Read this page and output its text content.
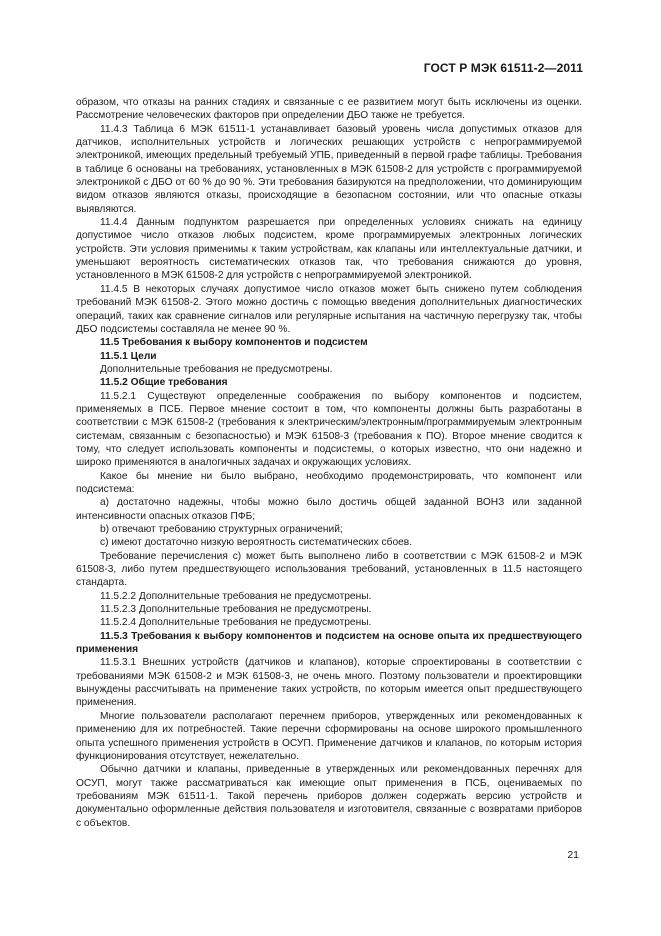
ГОСТ Р МЭК 61511-2—2011

образом, что отказы на ранних стадиях и связанные с ее развитием могут быть исключены из оценки. Рассмотрение человеческих факторов при определении ДБО также не требуется.

11.4.3 Таблица 6 МЭК 61511-1 устанавливает базовый уровень числа допустимых отказов для датчиков, исполнительных устройств и логических решающих устройств с непрограммируемой электроникой, имеющих предельный требуемый УПБ, приведенный в первой графе таблицы. Требования в таблице 6 основаны на требованиях, установленных в МЭК 61508-2 для устройств с программируемой электроникой с ДБО от 60 % до 90 %. Эти требования базируются на предположении, что доминирующим видом отказов являются отказы, происходящие в безопасном состоянии, или что опасные отказы выявляются.

11.4.4 Данным подпунктом разрешается при определенных условиях снижать на единицу допустимое число отказов любых подсистем, кроме программируемых электронных логических устройств. Эти условия применимы к таким устройствам, как клапаны или интеллектуальные датчики, и уменьшают вероятность систематических отказов так, что требования снижаются до уровня, установленного в МЭК 61508-2 для устройств с непрограммируемой электроникой.

11.4.5 В некоторых случаях допустимое число отказов может быть снижено путем соблюдения требований МЭК 61508-2. Этого можно достичь с помощью введения дополнительных диагностических операций, таких как сравнение сигналов или регулярные испытания на частичную перегрузку так, чтобы ДБО подсистемы составляла не менее 90 %.

11.5 Требования к выбору компонентов и подсистем

11.5.1 Цели

Дополнительные требования не предусмотрены.

11.5.2 Общие требования

11.5.2.1 Существуют определенные соображения по выбору компонентов и подсистем, применяемых в ПСБ. Первое мнение состоит в том, что компоненты должны быть разработаны в соответствии с МЭК 61508-2 (требования к электрическим/электронным/программируемым электронным системам, связанным с безопасностью) и МЭК 61508-3 (требования к ПО). Второе мнение сводится к тому, что следует использовать компоненты и подсистемы, о которых известно, что они надежно и широко применяются в аналогичных задачах и окружающих условиях.

Какое бы мнение ни было выбрано, необходимо продемонстрировать, что компонент или подсистема:

a) достаточно надежны, чтобы можно было достичь общей заданной ВОНЗ или заданной интенсивности опасных отказов ПФБ;

b) отвечают требованию структурных ограничений;

c) имеют достаточно низкую вероятность систематических сбоев.

Требование перечисления c) может быть выполнено либо в соответствии с МЭК 61508-2 и МЭК 61508-3, либо путем предшествующего использования требований, установленных в 11.5 настоящего стандарта.

11.5.2.2 Дополнительные требования не предусмотрены.

11.5.2.3 Дополнительные требования не предусмотрены.

11.5.2.4 Дополнительные требования не предусмотрены.

11.5.3 Требования к выбору компонентов и подсистем на основе опыта их предшествующего применения

11.5.3.1 Внешних устройств (датчиков и клапанов), которые спроектированы в соответствии с требованиями МЭК 61508-2 и МЭК 61508-3, не очень много. Поэтому пользователи и проектировщики вынуждены рассчитывать на применение таких устройств, по которым имеется опыт предшествующего применения.

Многие пользователи располагают перечнем приборов, утвержденных или рекомендованных к применению для их потребностей. Такие перечни сформированы на основе широкого промышленного опыта успешного применения устройств в ОСУП. Применение датчиков и клапанов, по которым история функционирования отсутствует, нежелательно.

Обычно датчики и клапаны, приведенные в утвержденных или рекомендованных перечнях для ОСУП, могут также рассматриваться как имеющие опыт применения в ПСБ, оцениваемых по требованиям МЭК 61511-1. Такой перечень приборов должен содержать версию устройств и документально оформленные действия пользователя и изготовителя, связанные с возвратами приборов с объектов.

21
